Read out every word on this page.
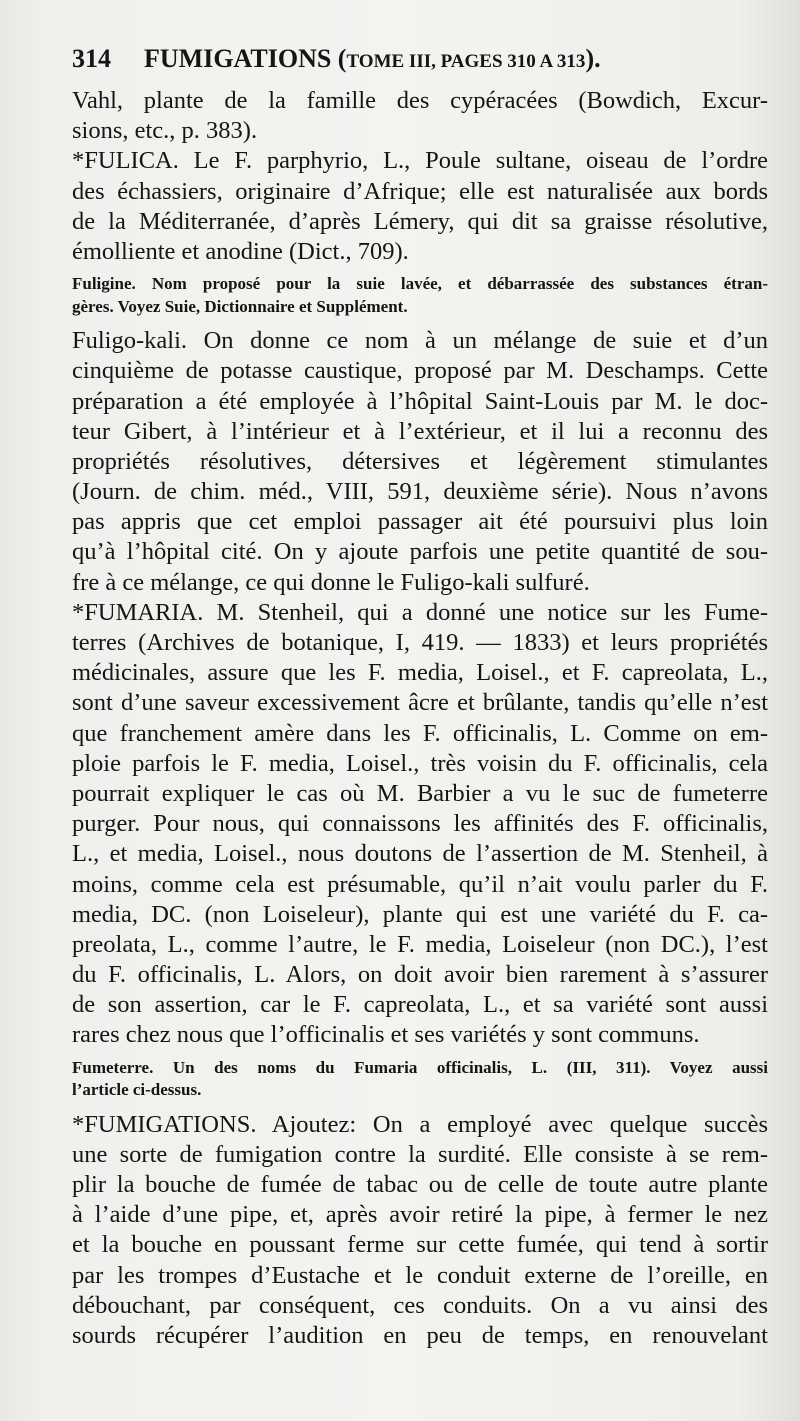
314 FUMIGATIONS (TOME III, PAGES 310 A 313).
Vahl, plante de la famille des cypéracées (Bowdich, Excur-
sions, etc., p. 383).
*FULICA. Le F. parphyrio, L., Poule sultane, oiseau de l’ordre
des échassiers, originaire d’Afrique; elle est naturalisée aux bords
de la Méditerranée, d’après Lémery, qui dit sa graisse résolutive,
émolliente et anodine (Dict., 709).
Fuligine. Nom proposé pour la suie lavée, et débarrassée des substances étran-
gères. Voyez Suie, Dictionnaire et Supplément.
Fuligo-kali. On donne ce nom à un mélange de suie et d’un
cinquième de potasse caustique, proposé par M. Deschamps. Cette
préparation a été employée à l’hôpital Saint-Louis par M. le doc-
teur Gibert, à l’intérieur et à l’extérieur, et il lui a reconnu des
propriétés résolutives, détersives et légèrement stimulantes
(Journ. de chim. méd., VIII, 591, deuxième série). Nous n’avons
pas appris que cet emploi passager ait été poursuivi plus loin
qu’à l’hôpital cité. On y ajoute parfois une petite quantité de sou-
fre à ce mélange, ce qui donne le Fuligo-kali sulfuré.
*FUMARIA. M. Stenheil, qui a donné une notice sur les Fume-
terres (Archives de botanique, I, 419. — 1833) et leurs propriétés
médicinales, assure que les F. media, Loisel., et F. capreolata, L.,
sont d’une saveur excessivement âcre et brûlante, tandis qu’elle n’est
que franchement amère dans les F. officinalis, L. Comme on em-
ploie parfois le F. media, Loisel., très voisin du F. officinalis, cela
pourrait expliquer le cas où M. Barbier a vu le suc de fumeterre
purger. Pour nous, qui connaissons les affinités des F. officinalis,
L., et media, Loisel., nous doutons de l’assertion de M. Stenheil, à
moins, comme cela est présumable, qu’il n’ait voulu parler du F.
media, DC. (non Loiseleur), plante qui est une variété du F. ca-
preolata, L., comme l’autre, le F. media, Loiseleur (non DC.), l’est
du F. officinalis, L. Alors, on doit avoir bien rarement à s’assurer
de son assertion, car le F. capreolata, L., et sa variété sont aussi
rares chez nous que l’officinalis et ses variétés y sont communs.
Fumeterre. Un des noms du Fumaria officinalis, L. (III, 311). Voyez aussi
l’article ci-dessus.
*FUMIGATIONS. Ajoutez: On a employé avec quelque succès
une sorte de fumigation contre la surdité. Elle consiste à se rem-
plir la bouche de fumée de tabac ou de celle de toute autre plante
à l’aide d’une pipe, et, après avoir retiré la pipe, à fermer le nez
et la bouche en poussant ferme sur cette fumée, qui tend à sortir
par les trompes d’Eustache et le conduit externe de l’oreille, en
débouchant, par conséquent, ces conduits. On a vu ainsi des
sourds récupérer l’audition en peu de temps, en renouvelant
